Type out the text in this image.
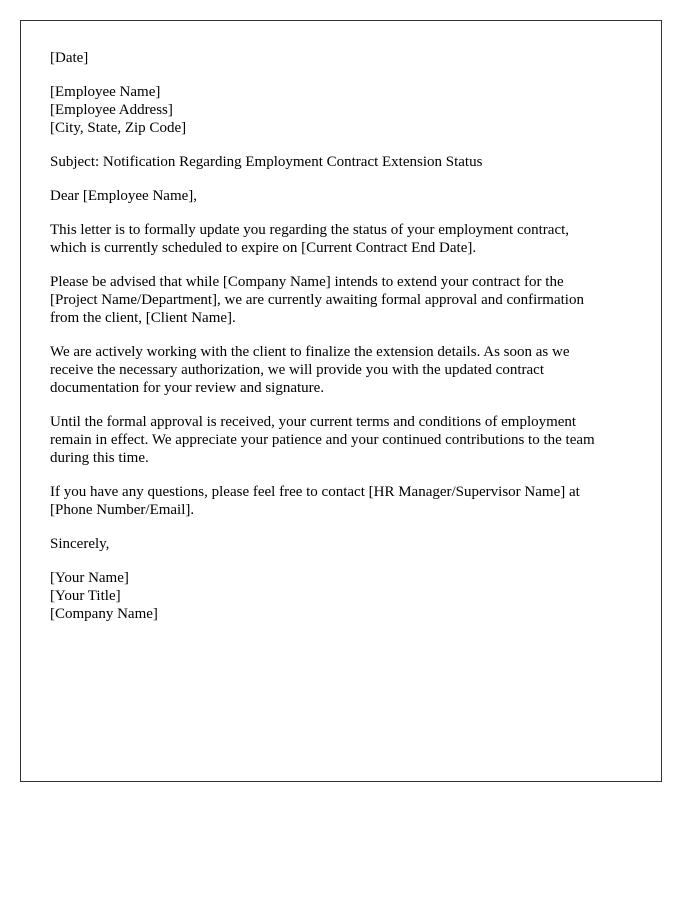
[Date]
[Employee Name]
[Employee Address]
[City, State, Zip Code]
Subject: Notification Regarding Employment Contract Extension Status
Dear [Employee Name],
This letter is to formally update you regarding the status of your employment contract,
which is currently scheduled to expire on [Current Contract End Date].
Please be advised that while [Company Name] intends to extend your contract for the
[Project Name/Department], we are currently awaiting formal approval and confirmation
from the client, [Client Name].
We are actively working with the client to finalize the extension details. As soon as we
receive the necessary authorization, we will provide you with the updated contract
documentation for your review and signature.
Until the formal approval is received, your current terms and conditions of employment
remain in effect. We appreciate your patience and your continued contributions to the team
during this time.
If you have any questions, please feel free to contact [HR Manager/Supervisor Name] at
[Phone Number/Email].
Sincerely,
[Your Name]
[Your Title]
[Company Name]
